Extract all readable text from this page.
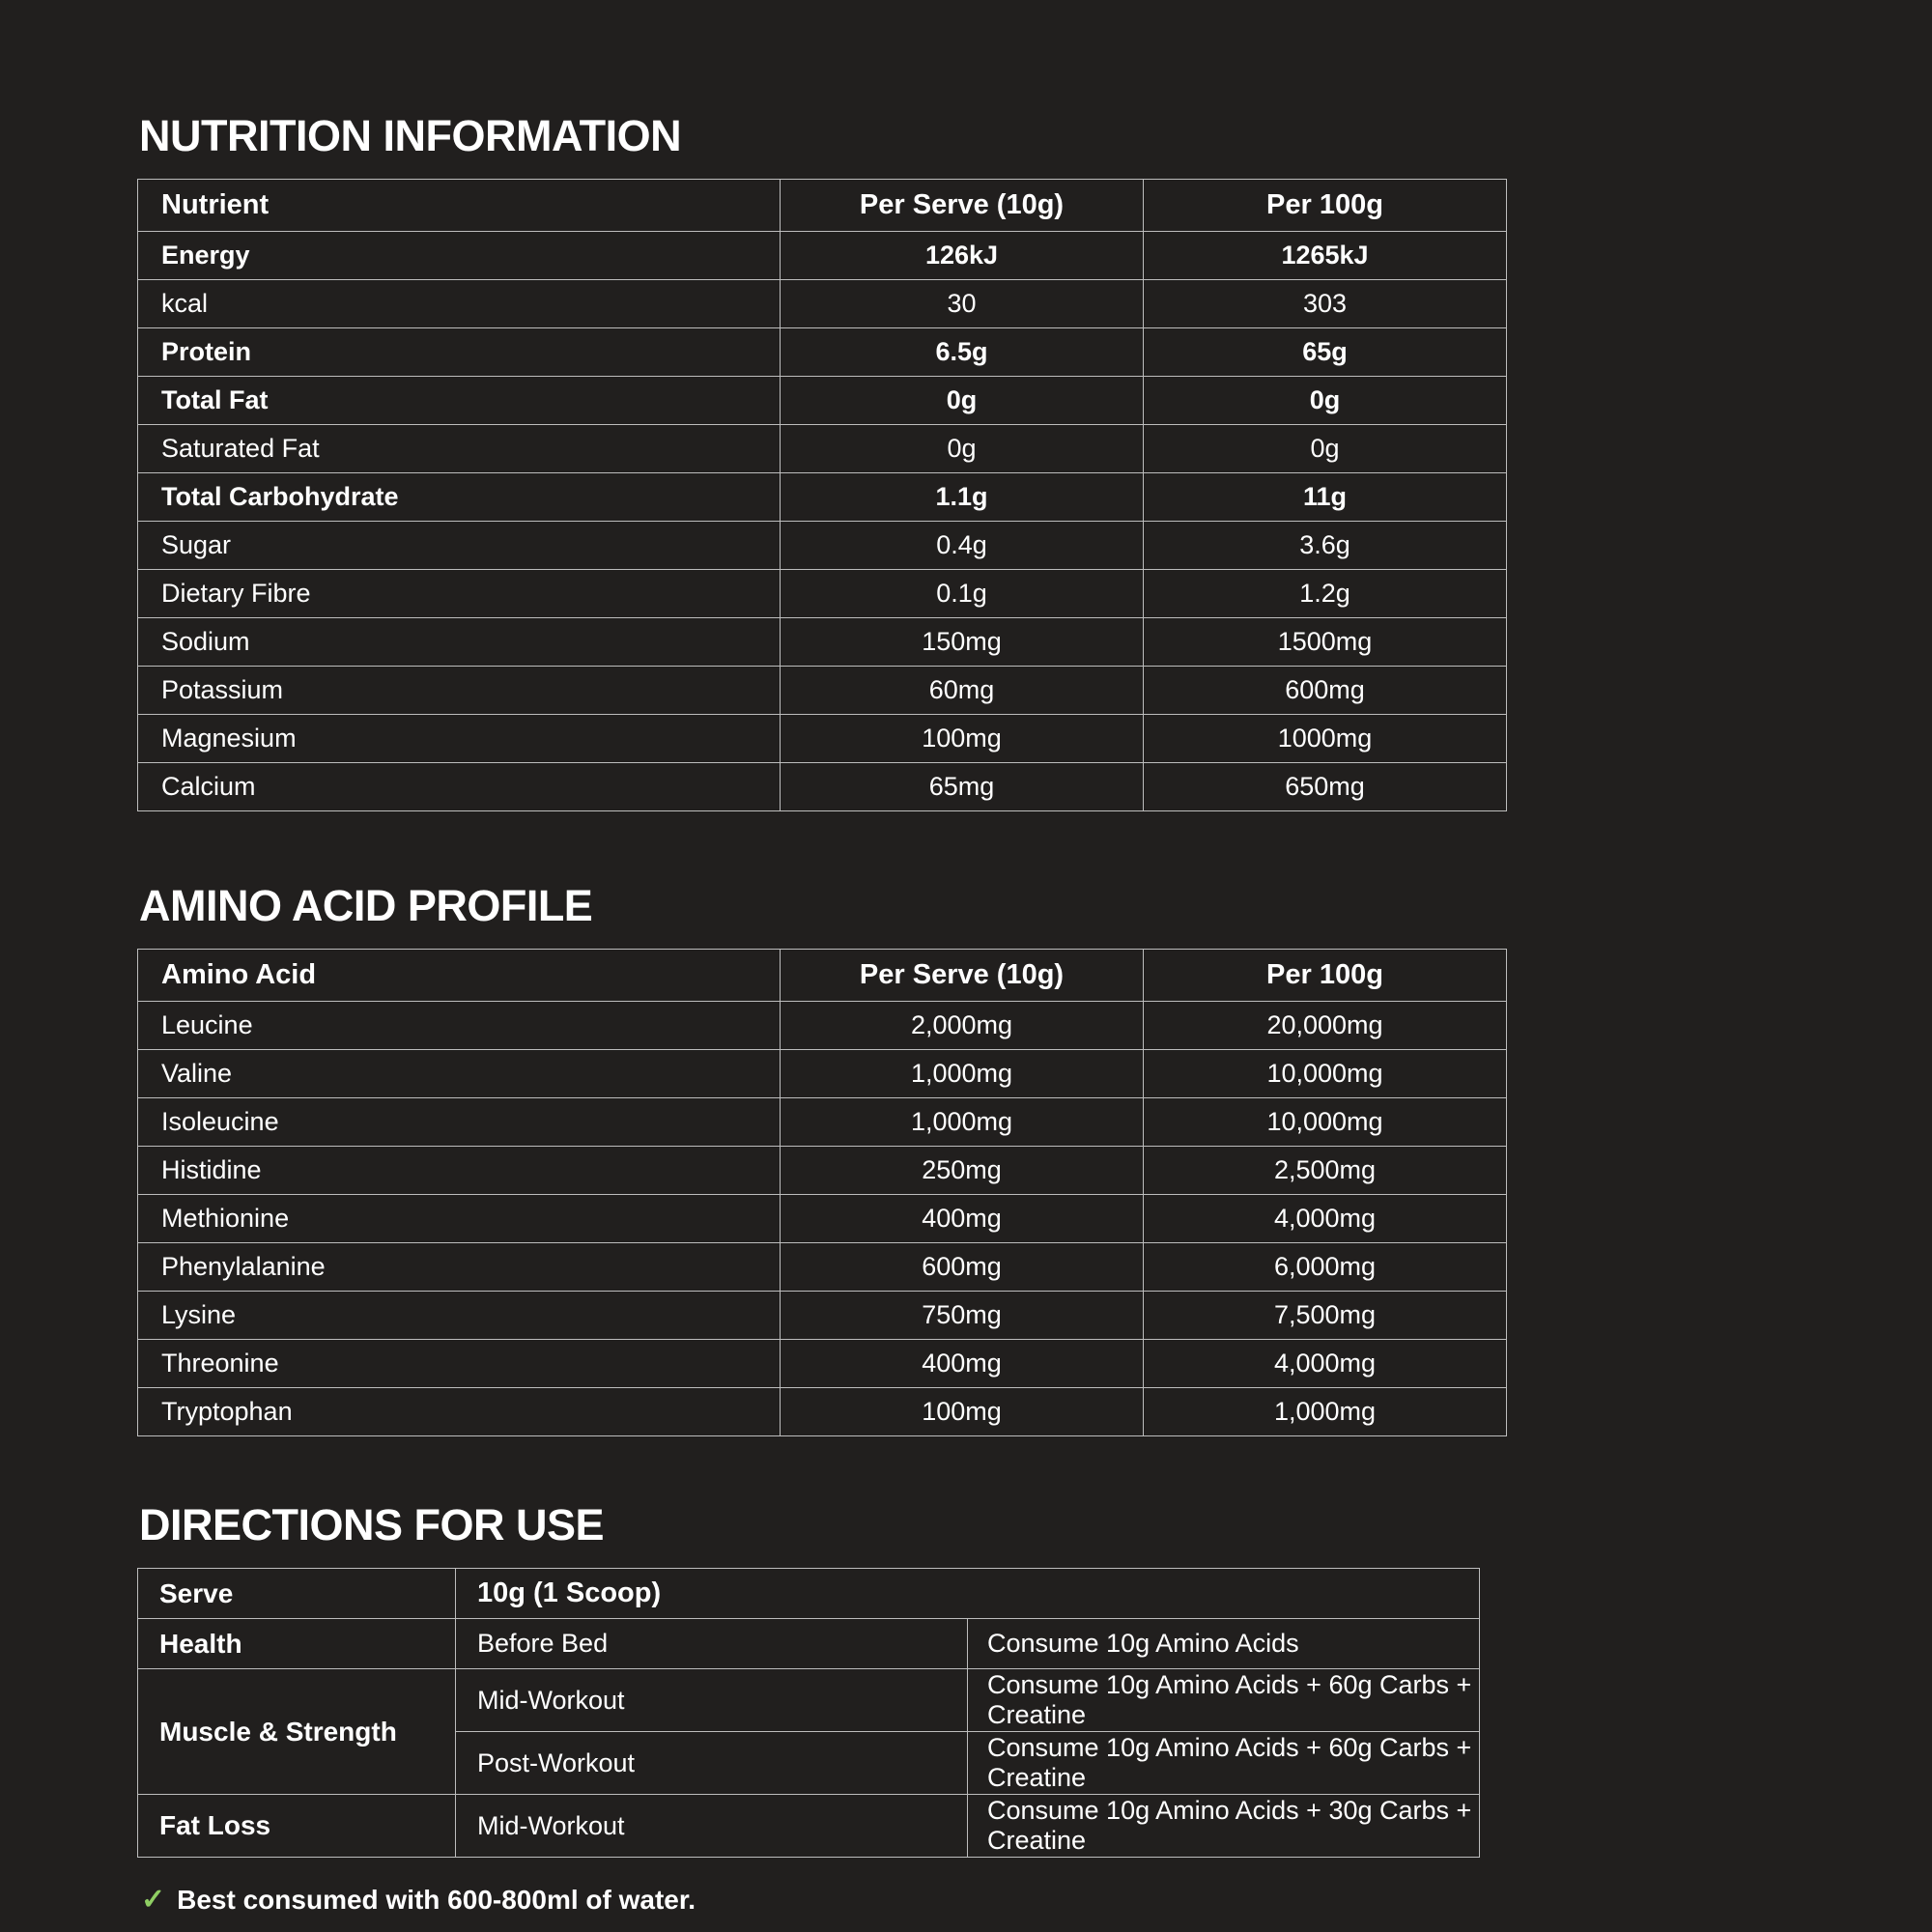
NUTRITION INFORMATION
Nutrient	Per Serve (10g)	Per 100g
Energy	126kJ	1265kJ
kcal	30	303
Protein	6.5g	65g
Total Fat	0g	0g
Saturated Fat	0g	0g
Total Carbohydrate	1.1g	11g
Sugar	0.4g	3.6g
Dietary Fibre	0.1g	1.2g
Sodium	150mg	1500mg
Potassium	60mg	600mg
Magnesium	100mg	1000mg
Calcium	65mg	650mg
AMINO ACID PROFILE
Amino Acid	Per Serve (10g)	Per 100g
Leucine	2,000mg	20,000mg
Valine	1,000mg	10,000mg
Isoleucine	1,000mg	10,000mg
Histidine	250mg	2,500mg
Methionine	400mg	4,000mg
Phenylalanine	600mg	6,000mg
Lysine	750mg	7,500mg
Threonine	400mg	4,000mg
Tryptophan	100mg	1,000mg
DIRECTIONS FOR USE
Serve	10g (1 Scoop)	
Health	Before Bed	Consume 10g Amino Acids
Muscle & Strength	Mid-Workout	Consume 10g Amino Acids + 60g Carbs + Creatine
	Post-Workout	Consume 10g Amino Acids + 60g Carbs + Creatine
Fat Loss	Mid-Workout	Consume 10g Amino Acids + 30g Carbs + Creatine
✓ Best consumed with 600-800ml of water.
